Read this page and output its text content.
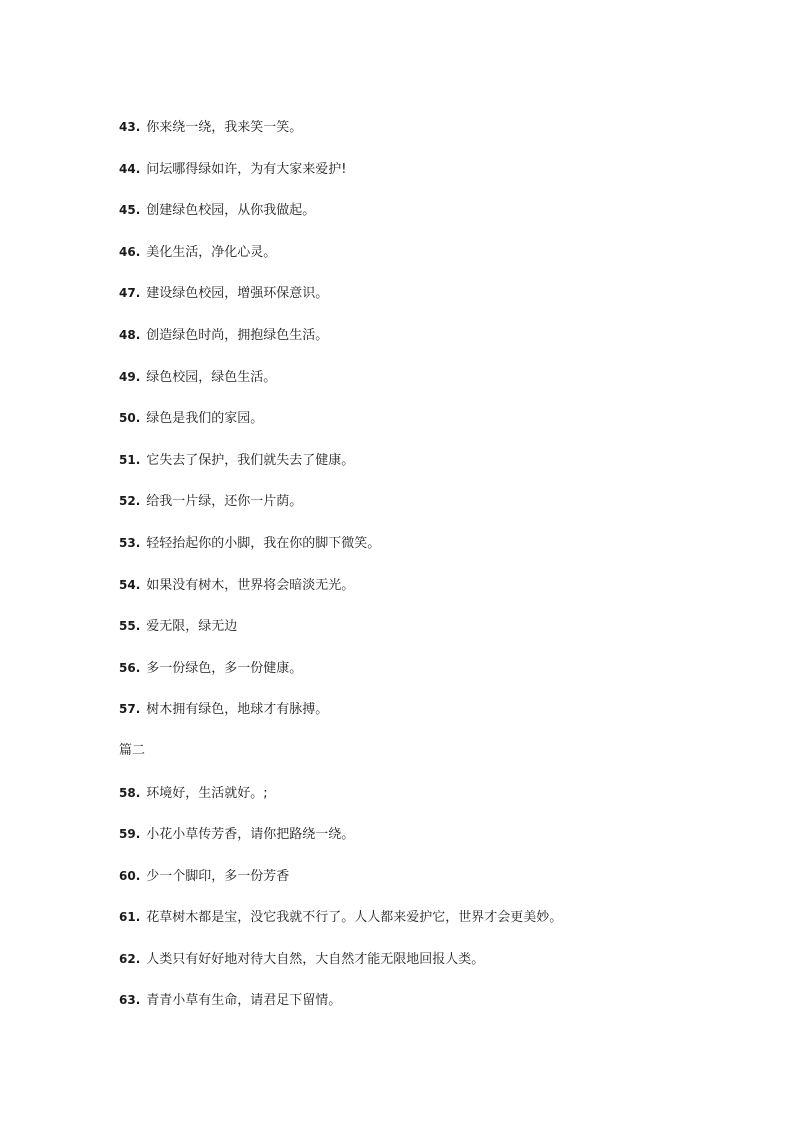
43. 你来绕一绕，我来笑一笑。
44. 问坛哪得绿如许，为有大家来爱护!
45. 创建绿色校园，从你我做起。
46. 美化生活，净化心灵。
47. 建设绿色校园，增强环保意识。
48. 创造绿色时尚，拥抱绿色生活。
49. 绿色校园，绿色生活。
50. 绿色是我们的家园。
51. 它失去了保护，我们就失去了健康。
52. 给我一片绿，还你一片荫。
53. 轻轻抬起你的小脚，我在你的脚下微笑。
54. 如果没有树木，世界将会暗淡无光。
55. 爱无限，绿无边
56. 多一份绿色，多一份健康。
57. 树木拥有绿色，地球才有脉搏。
篇二
58. 环境好，生活就好。;
59. 小花小草传芳香，请你把路绕一绕。
60. 少一个脚印，多一份芳香
61. 花草树木都是宝，没它我就不行了。人人都来爱护它，世界才会更美妙。
62. 人类只有好好地对待大自然，大自然才能无限地回报人类。
63. 青青小草有生命，请君足下留情。
